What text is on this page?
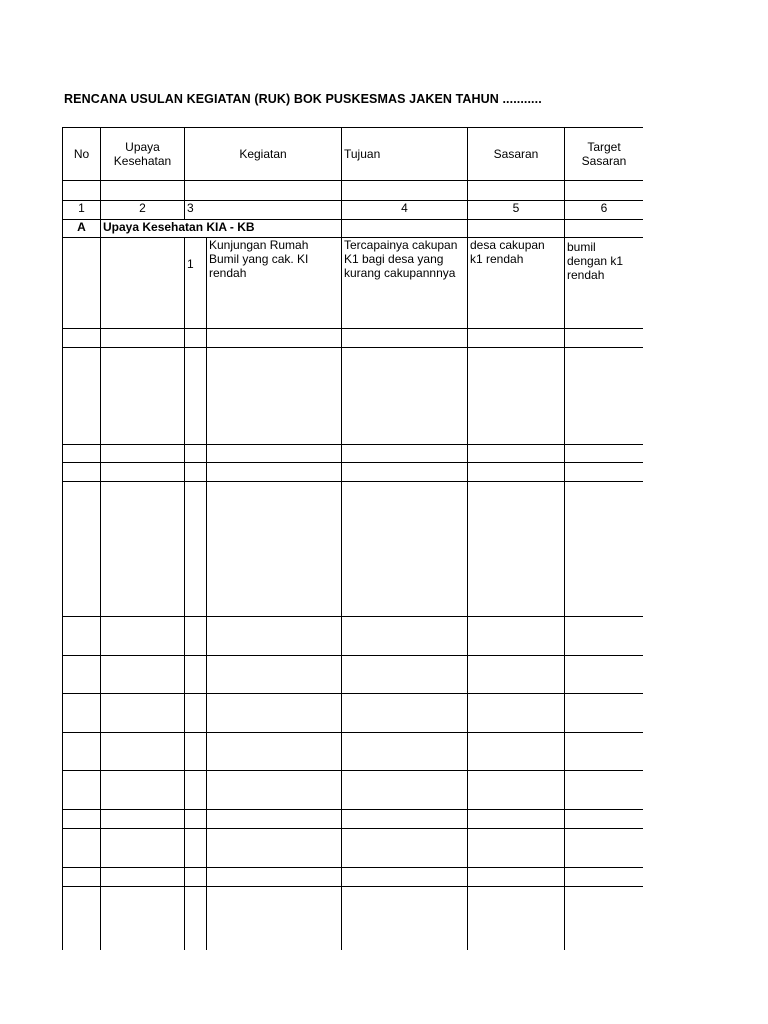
RENCANA USULAN KEGIATAN (RUK) BOK PUSKESMAS JAKEN TAHUN ...........
No	Upaya
Kesehatan	Kegiatan		Tujuan	Sasaran	Target
Sasaran

1	2	3		4	5	6
A	Upaya Kesehatan KIA - KB					

		1	Kunjungan Rumah
Bumil yang cak. KI
rendah	Tercapainya cakupan
K1 bagi desa yang
kurang cakupannnya	desa cakupan
k1 rendah	bumil
dengan k1
rendah
